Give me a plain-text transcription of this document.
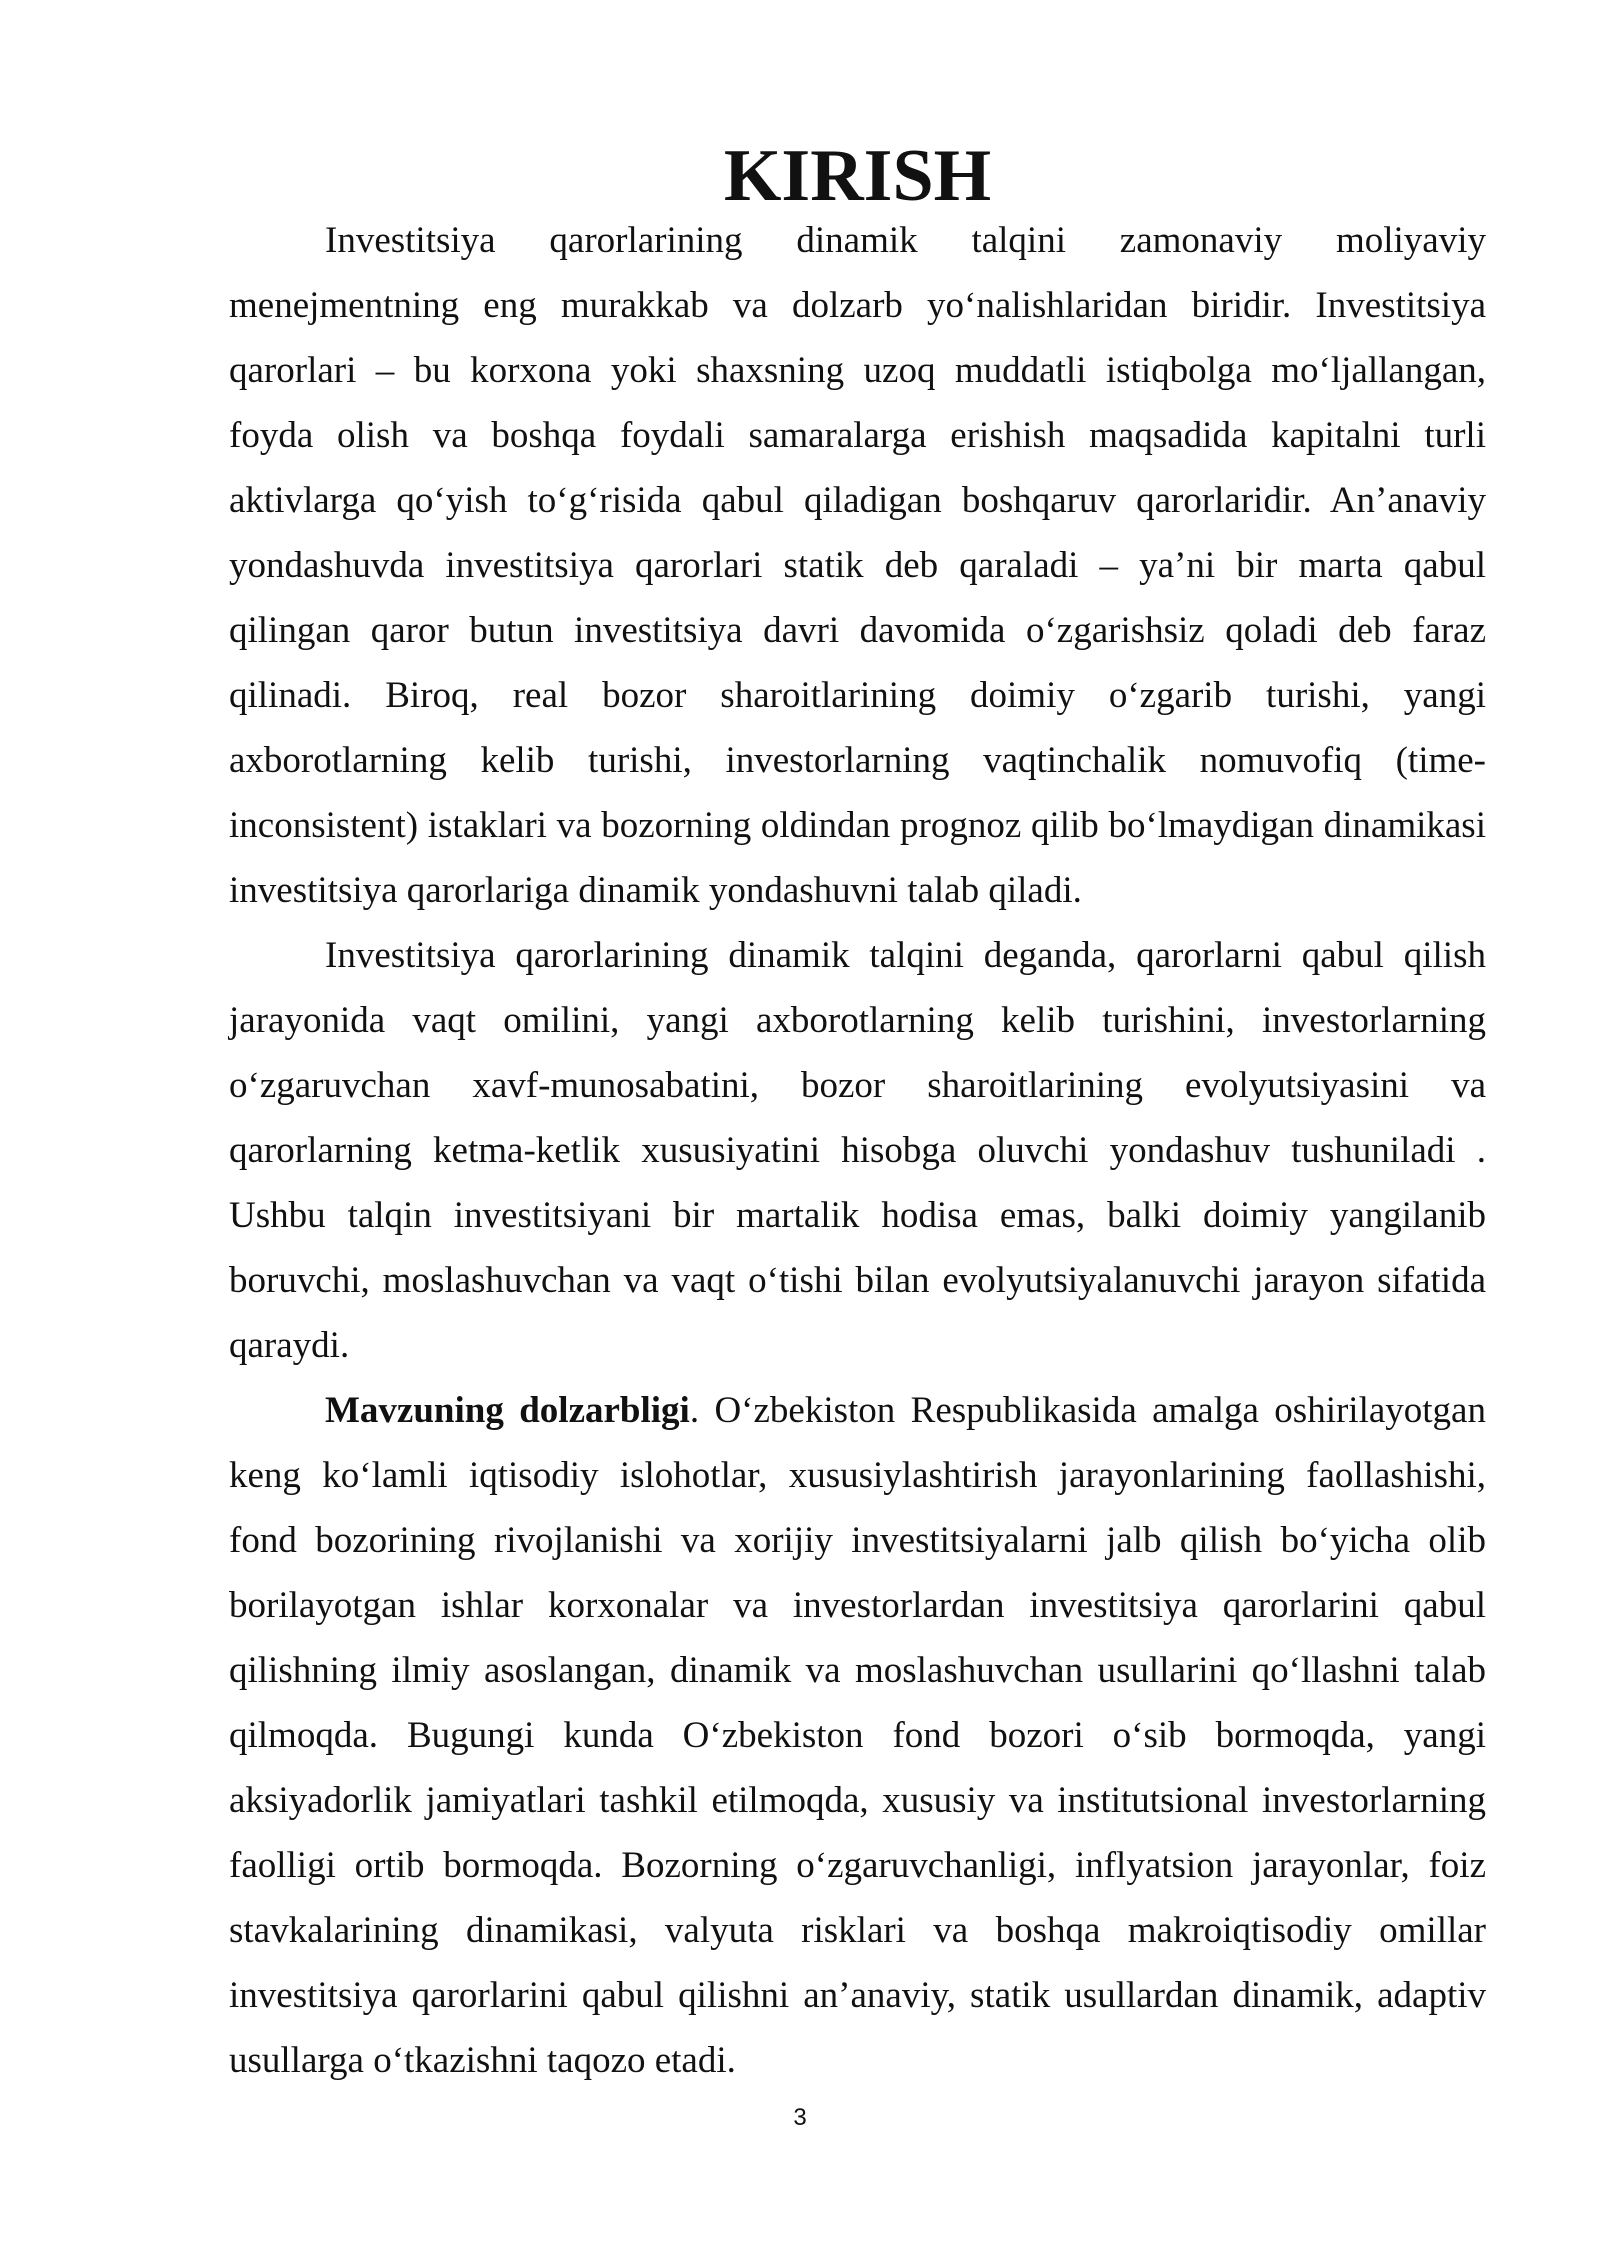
KIRISH

Investitsiya qarorlarining dinamik talqini zamonaviy moliyaviy menejmentning eng murakkab va dolzarb yo‘nalishlaridan biridir. Investitsiya qarorlari – bu korxona yoki shaxsning uzoq muddatli istiqbolga mo‘ljallangan, foyda olish va boshqa foydali samaralarga erishish maqsadida kapitalni turli aktivlarga qo‘yish to‘g‘risida qabul qiladigan boshqaruv qarorlaridir. An’anaviy yondashuvda investitsiya qarorlari statik deb qaraladi – ya’ni bir marta qabul qilingan qaror butun investitsiya davri davomida o‘zgarishsiz qoladi deb faraz qilinadi. Biroq, real bozor sharoitlarining doimiy o‘zgarib turishi, yangi axborotlarning kelib turishi, investorlarning vaqtinchalik nomuvofiq (time-inconsistent) istaklari va bozorning oldindan prognoz qilib bo‘lmaydigan dinamikasi investitsiya qarorlariga dinamik yondashuvni talab qiladi.

Investitsiya qarorlarining dinamik talqini deganda, qarorlarni qabul qilish jarayonida vaqt omilini, yangi axborotlarning kelib turishini, investorlarning o‘zgaruvchan xavf-munosabatini, bozor sharoitlarining evolyutsiyasini va qarorlarning ketma-ketlik xususiyatini hisobga oluvchi yondashuv tushuniladi . Ushbu talqin investitsiyani bir martalik hodisa emas, balki doimiy yangilanib boruvchi, moslashuvchan va vaqt o‘tishi bilan evolyutsiyalanuvchi jarayon sifatida qaraydi.

Mavzuning dolzarbligi. O‘zbekiston Respublikasida amalga oshirilayotgan keng ko‘lamli iqtisodiy islohotlar, xususiylashtirish jarayonlarining faollashishi, fond bozorining rivojlanishi va xorijiy investitsiyalarni jalb qilish bo‘yicha olib borilayotgan ishlar korxonalar va investorlardan investitsiya qarorlarini qabul qilishning ilmiy asoslangan, dinamik va moslashuvchan usullarini qo‘llashni talab qilmoqda. Bugungi kunda O‘zbekiston fond bozori o‘sib bormoqda, yangi aksiyadorlik jamiyatlari tashkil etilmoqda, xususiy va institutsional investorlarning faolligi ortib bormoqda. Bozorning o‘zgaruvchanligi, inflyatsion jarayonlar, foiz stavkalarining dinamikasi, valyuta risklari va boshqa makroiqtisodiy omillar investitsiya qarorlarini qabul qilishni an’anaviy, statik usullardan dinamik, adaptiv usullarga o‘tkazishni taqozo etadi.

3
